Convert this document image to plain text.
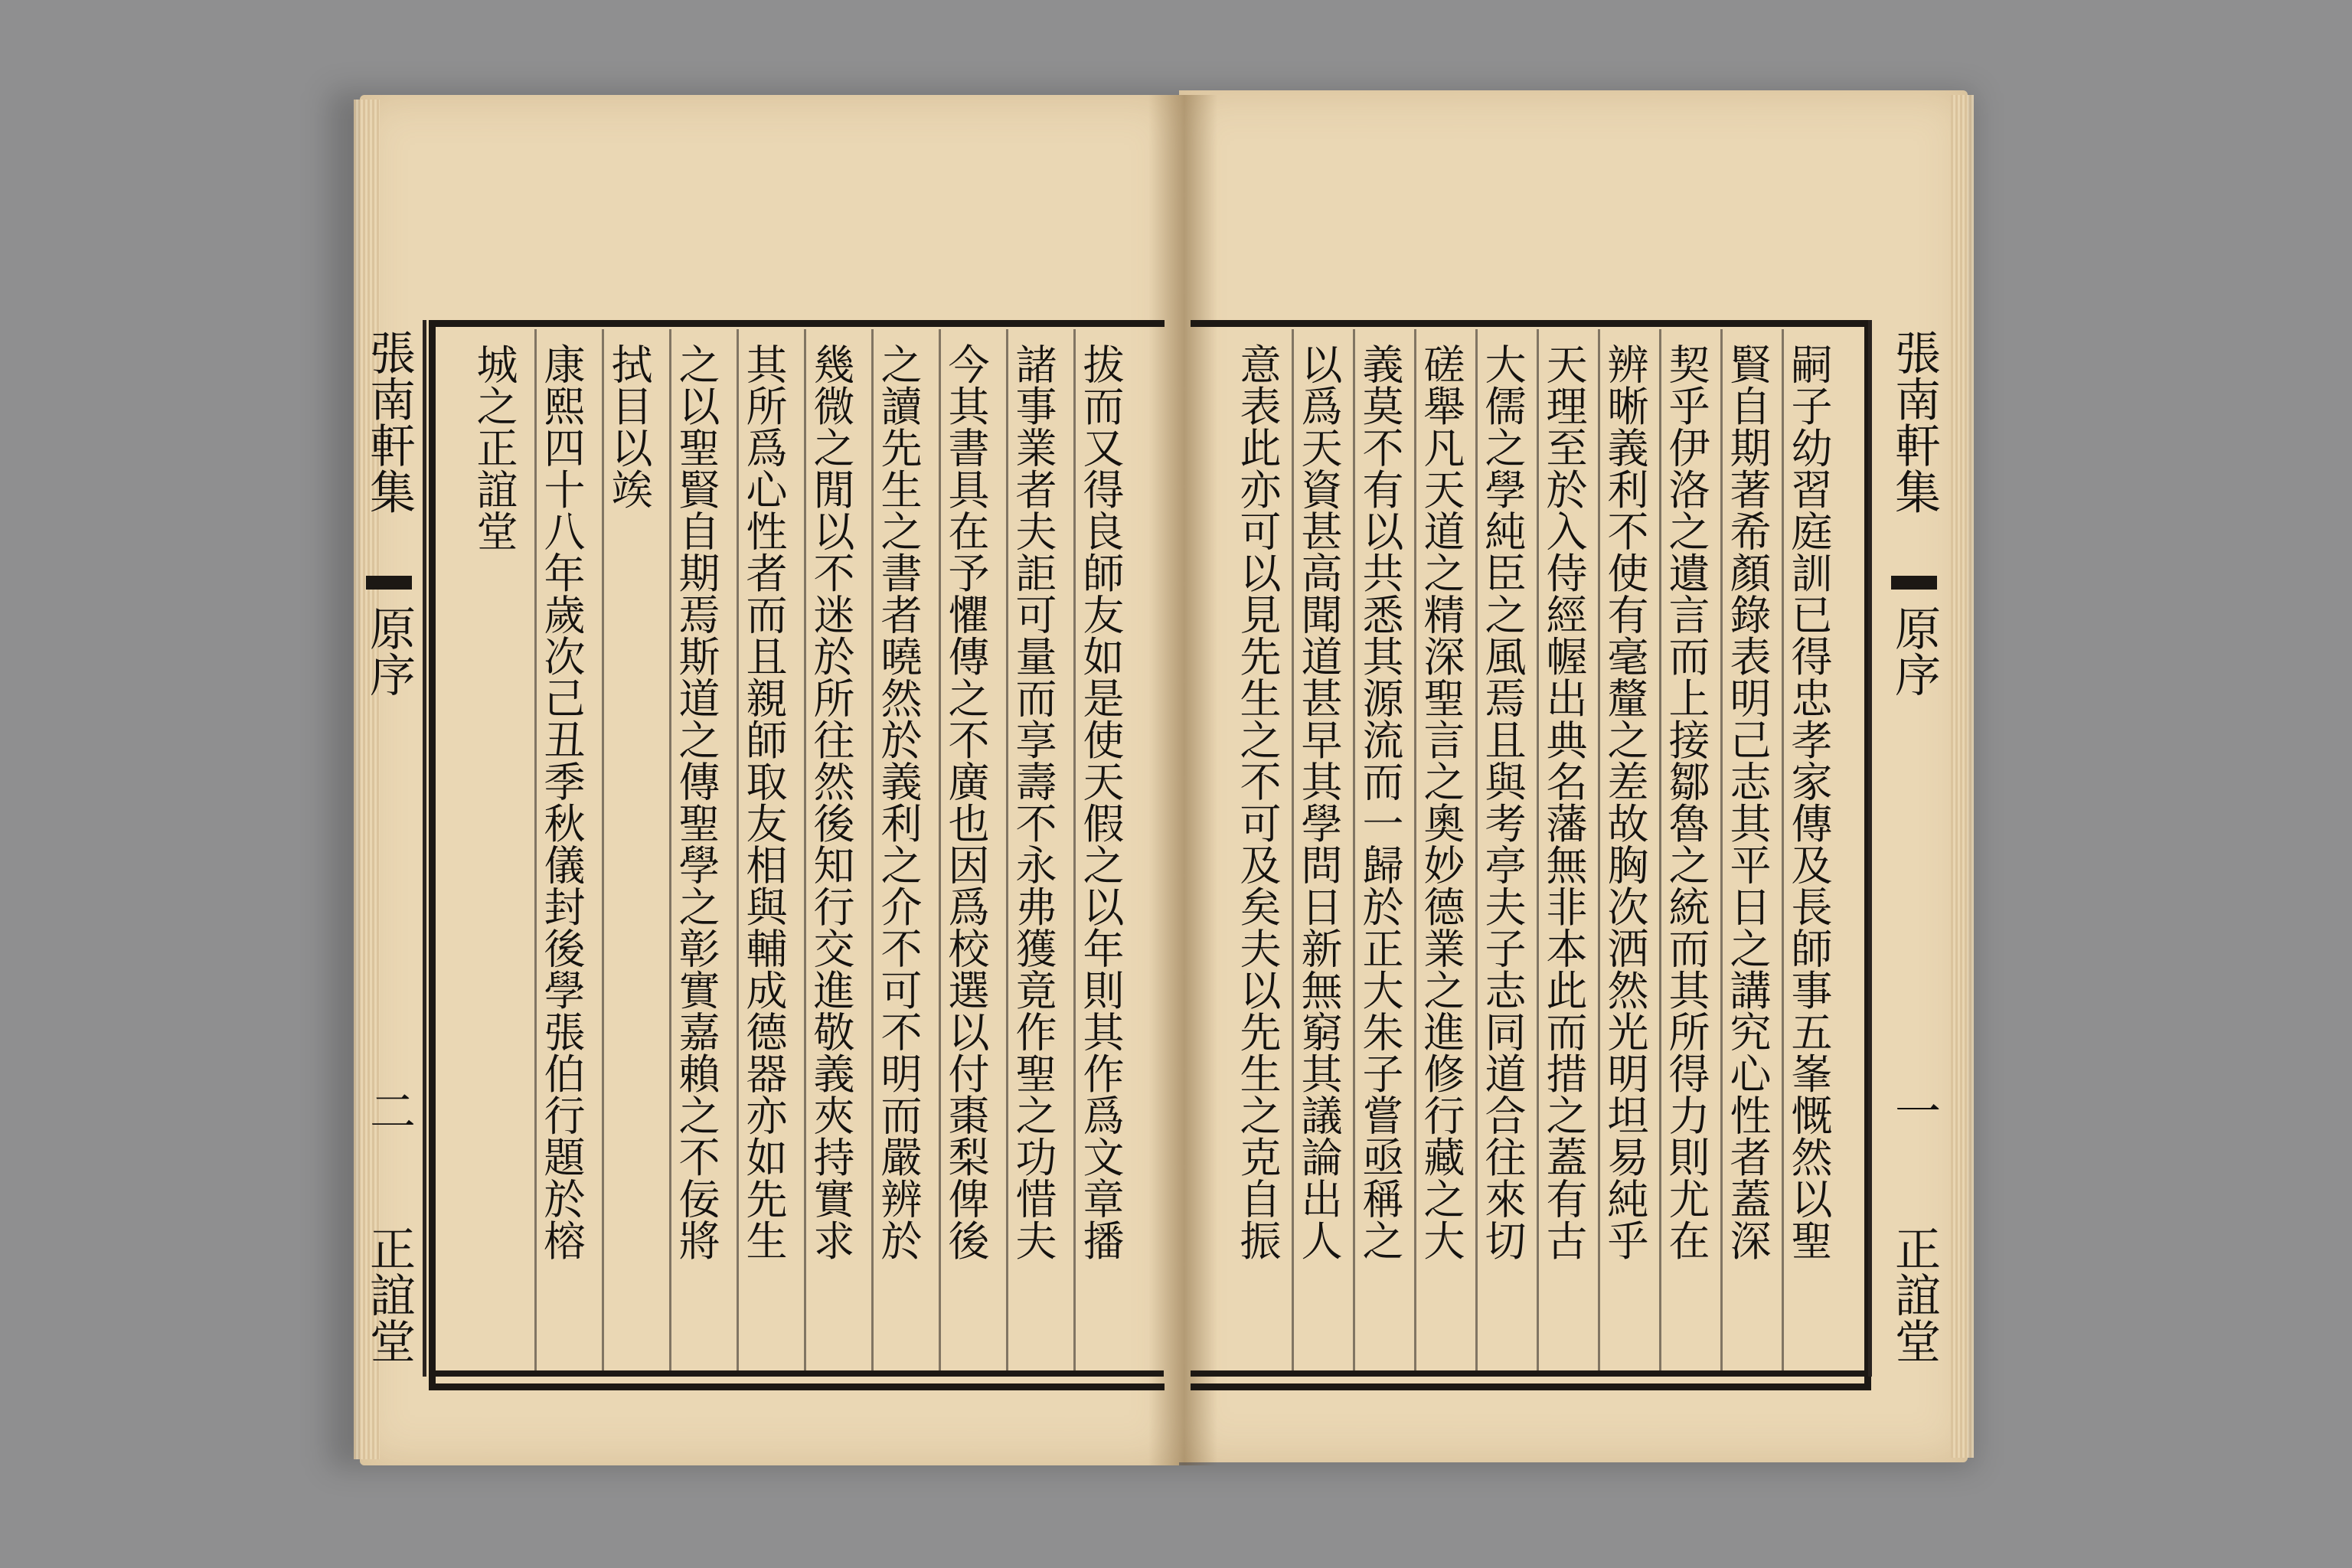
張南軒集
原序
二
正誼堂
拔而又得良師友如是使天假之以年則其作爲文章播
諸事業者夫詎可量而享壽不永弗獲竟作聖之功惜夫
今其書具在予懼傳之不廣也因爲校選以付棗梨俾後
之讀先生之書者曉然於義利之介不可不明而嚴辨於
幾微之閒以不迷於所往然後知行交進敬義夾持實求
其所爲心性者而且親師取友相與輔成德器亦如先生
之以聖賢自期焉斯道之傳聖學之彰實嘉賴之不佞將
拭目以竢
康熙四十八年歲次己丑季秋儀封後學張伯行題於榕
城之正誼堂	張南軒集
原序
一
正誼堂
嗣子幼習庭訓已得忠孝家傳及長師事五峯慨然以聖
賢自期著希顏錄表明己志其平日之講究心性者蓋深
契乎伊洛之遺言而上接鄒魯之統而其所得力則尤在
辨晰義利不使有毫釐之差故胸次洒然光明坦易純乎
天理至於入侍經幄出典名藩無非本此而措之蓋有古
大儒之學純臣之風焉且與考亭夫子志同道合往來切
磋舉凡天道之精深聖言之奧妙德業之進修行藏之大
義莫不有以共悉其源流而一歸於正大朱子嘗亟稱之
以爲天資甚高聞道甚早其學問日新無窮其議論出人
意表此亦可以見先生之不可及矣夫以先生之克自振
